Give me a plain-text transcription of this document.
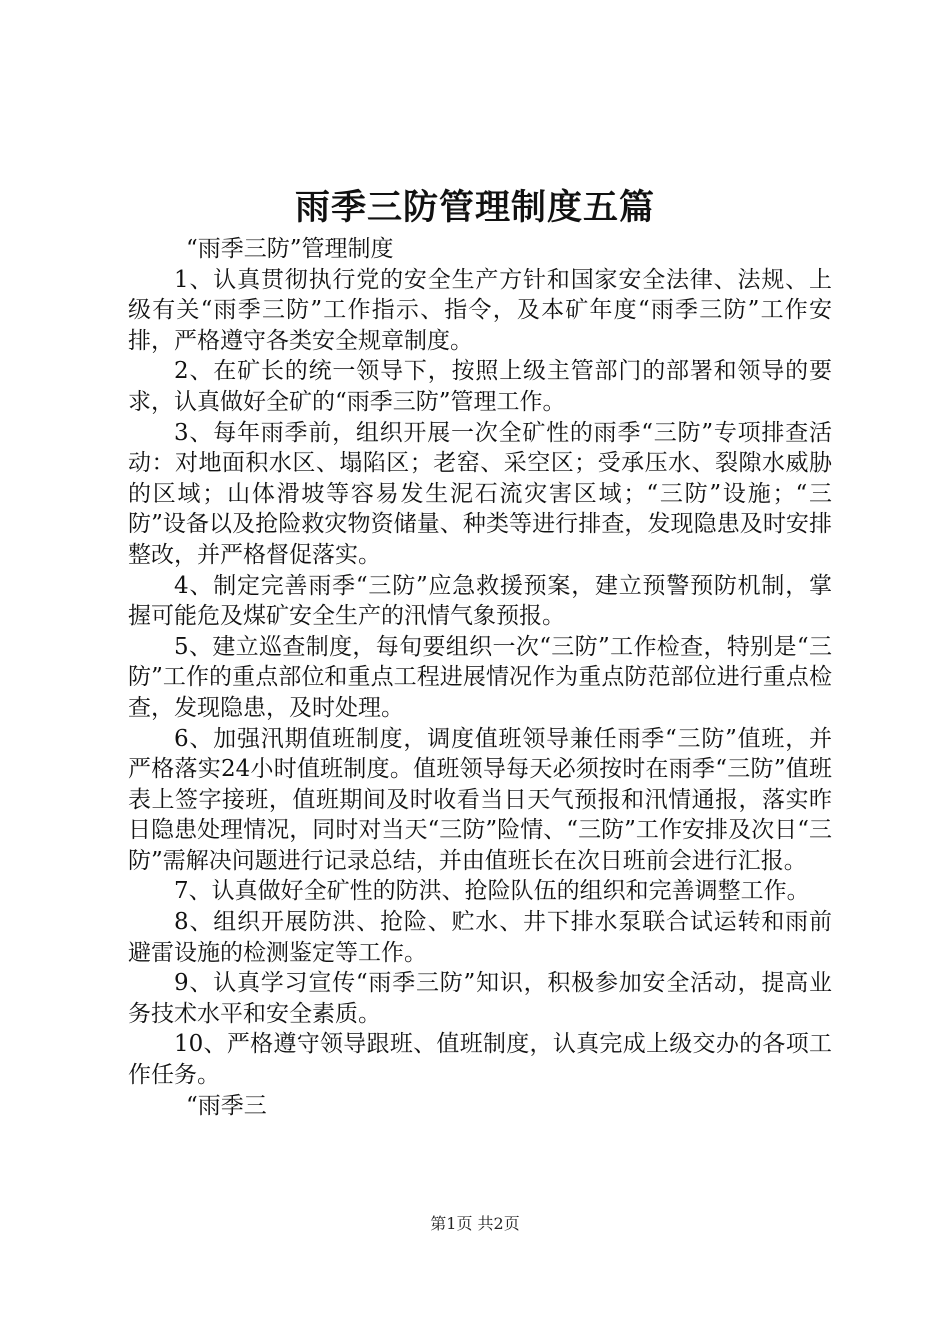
雨季三防管理制度五篇

“雨季三防”管理制度

1、认真贯彻执行党的安全生产方针和国家安全法律、法规、上级有关“雨季三防”工作指示、指令，及本矿年度“雨季三防”工作安排，严格遵守各类安全规章制度。

2、在矿长的统一领导下，按照上级主管部门的部署和领导的要求，认真做好全矿的“雨季三防”管理工作。

3、每年雨季前，组织开展一次全矿性的雨季“三防”专项排查活动：对地面积水区、塌陷区；老窑、采空区；受承压水、裂隙水威胁的区域；山体滑坡等容易发生泥石流灾害区域；“三防”设施；“三防”设备以及抢险救灾物资储量、种类等进行排查，发现隐患及时安排整改，并严格督促落实。

4、制定完善雨季“三防”应急救援预案，建立预警预防机制，掌握可能危及煤矿安全生产的汛情气象预报。

5、建立巡查制度，每旬要组织一次“三防”工作检查，特别是“三防”工作的重点部位和重点工程进展情况作为重点防范部位进行重点检查，发现隐患，及时处理。

6、加强汛期值班制度，调度值班领导兼任雨季“三防”值班，并严格落实24小时值班制度。值班领导每天必须按时在雨季“三防”值班表上签字接班，值班期间及时收看当日天气预报和汛情通报，落实昨日隐患处理情况，同时对当天“三防”险情、“三防”工作安排及次日“三防”需解决问题进行记录总结，并由值班长在次日班前会进行汇报。

7、认真做好全矿性的防洪、抢险队伍的组织和完善调整工作。

8、组织开展防洪、抢险、贮水、井下排水泵联合试运转和雨前避雷设施的检测鉴定等工作。

9、认真学习宣传“雨季三防”知识，积极参加安全活动，提高业务技术水平和安全素质。

10、严格遵守领导跟班、值班制度，认真完成上级交办的各项工作任务。

“雨季三

第1页 共2页
